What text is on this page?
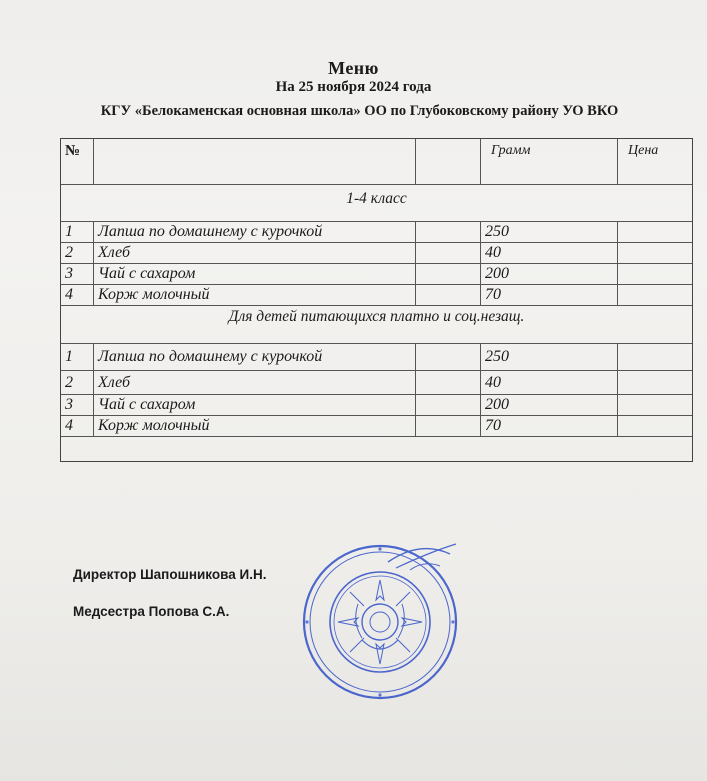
Меню
На 25 ноября 2024 года
КГУ «Белокаменская основная школа» ОО по Глубоковскому району УО ВКО
№	Грамм	Цена
1-4 класс
1	Лапша по домашнему с курочкой	250
2	Хлеб	40
3	Чай с сахаром	200
4	Корж молочный	70
Для детей питающихся платно и соц.незащ.
1	Лапша по домашнему с курочкой	250
2	Хлеб	40
3	Чай с сахаром	200
4	Корж молочный	70
Директор Шапошникова И.Н.
Медсестра Попова С.А.
